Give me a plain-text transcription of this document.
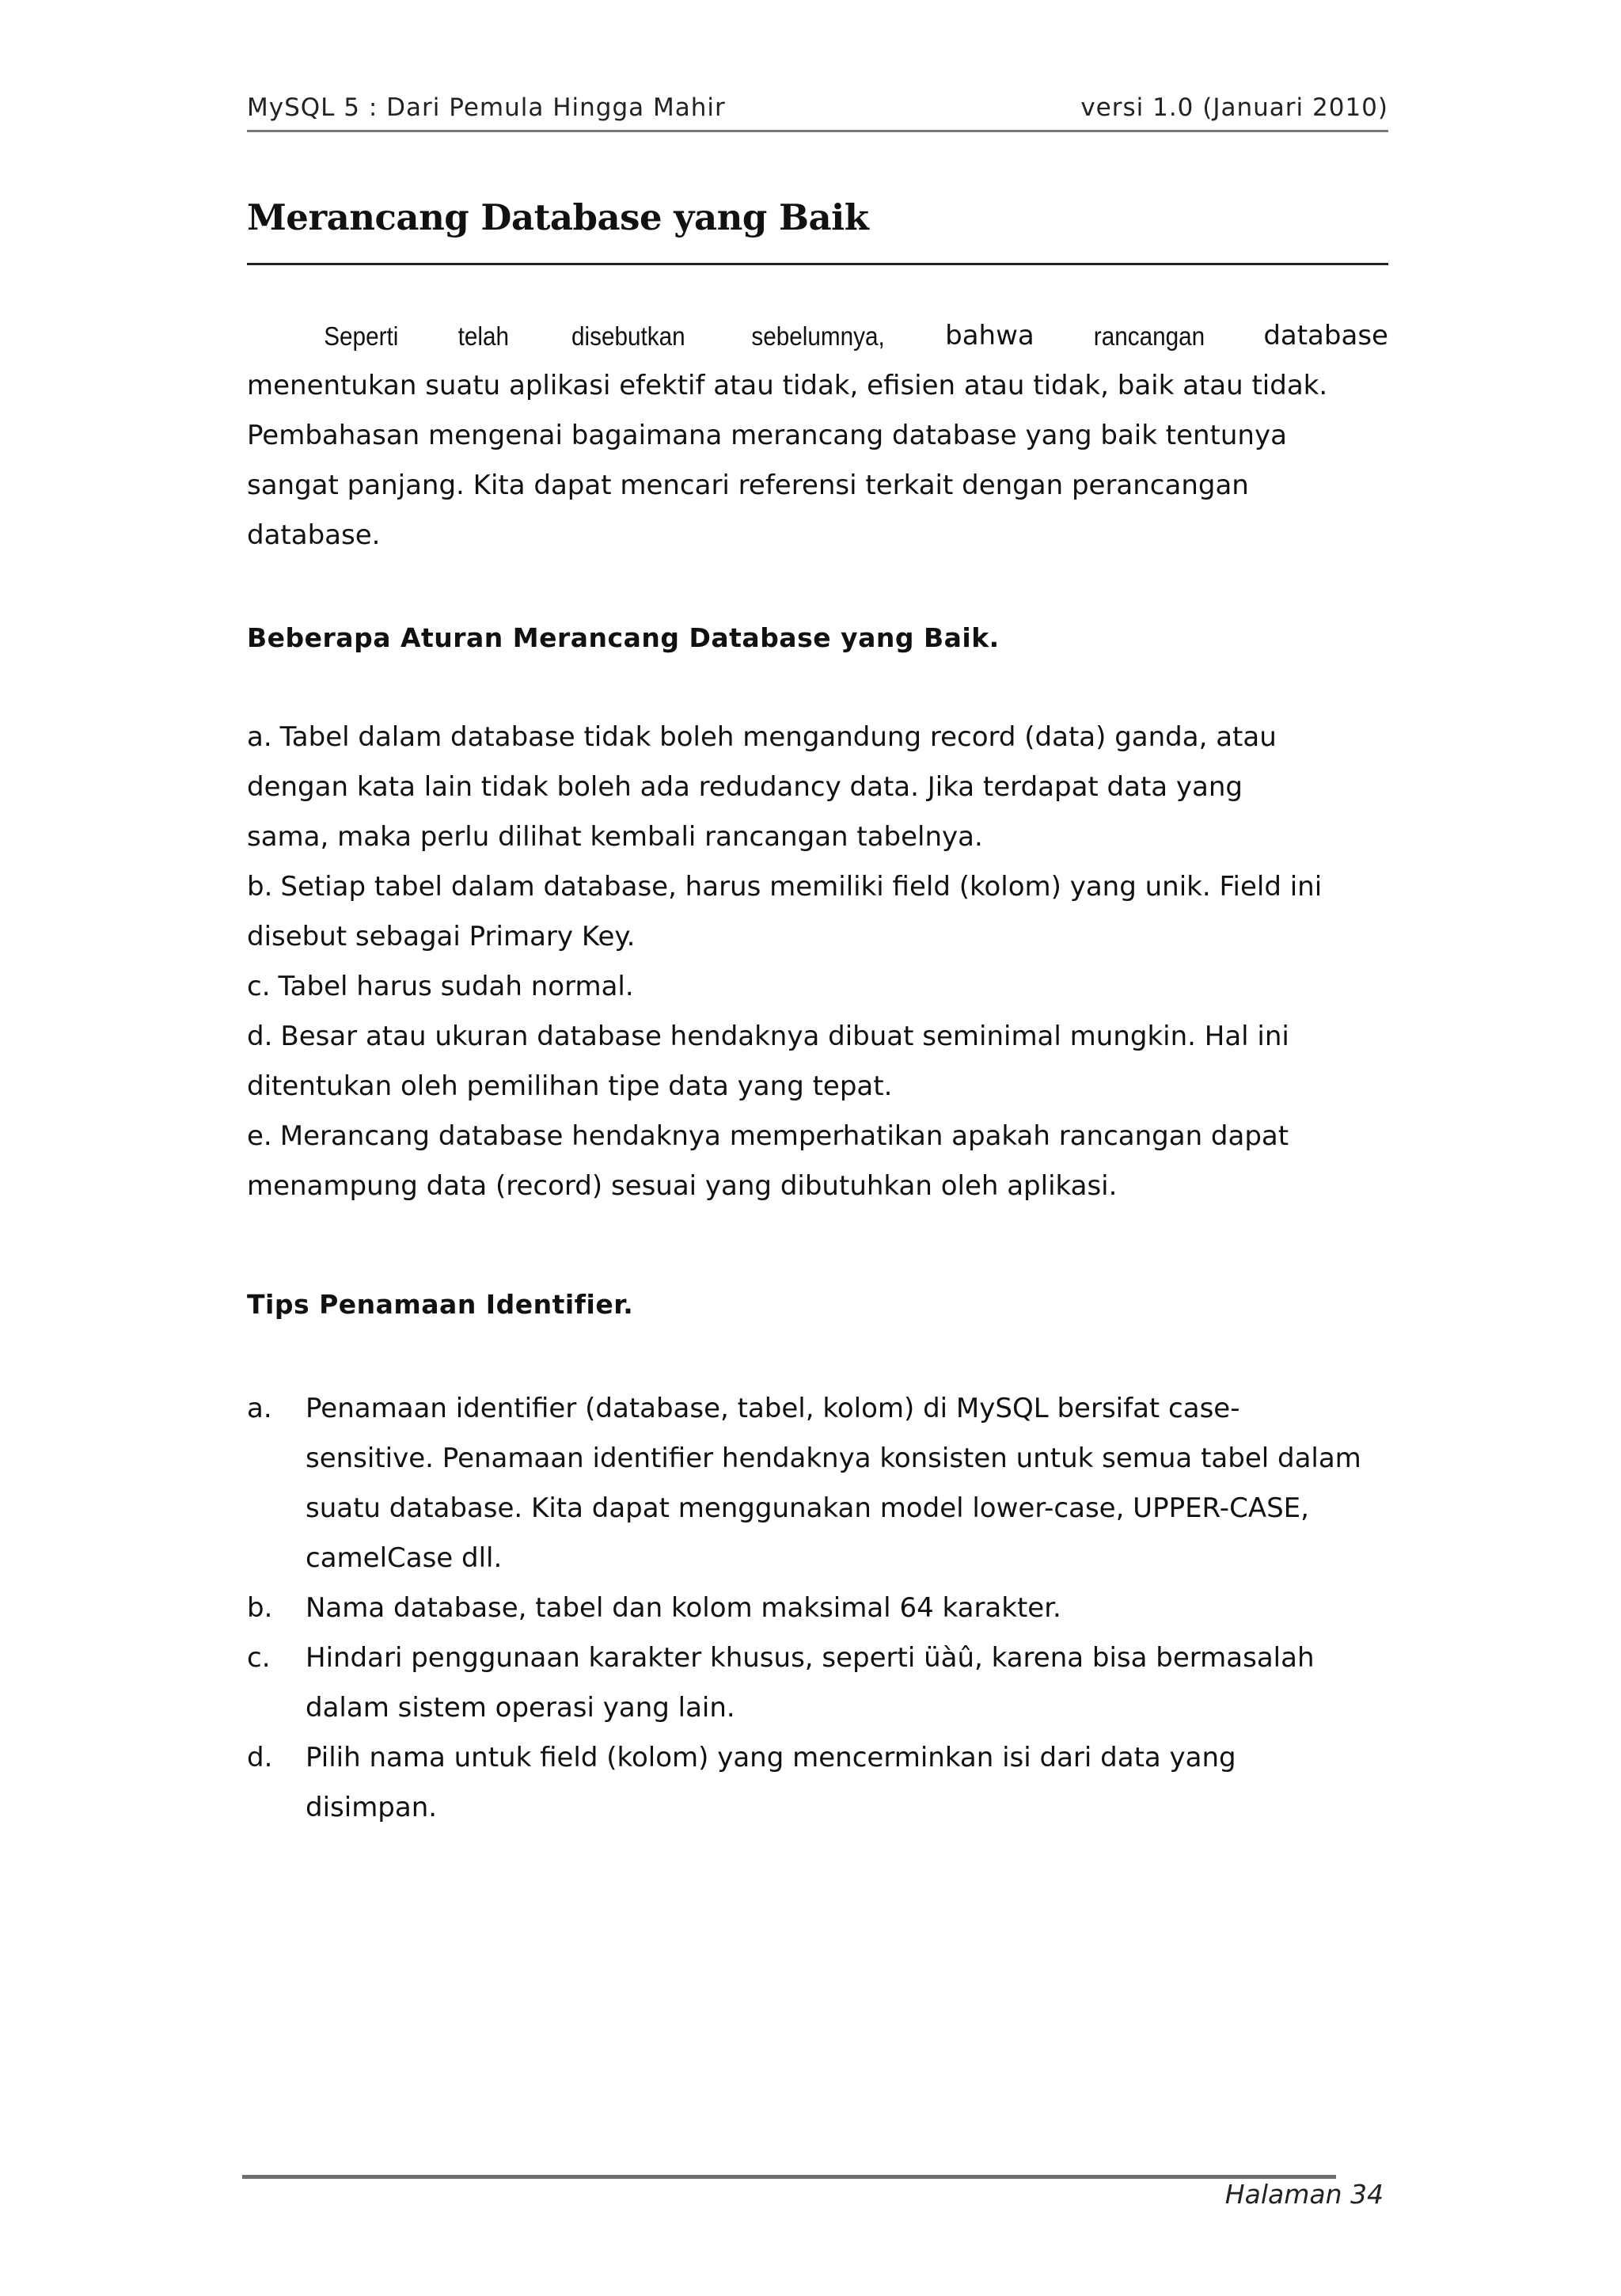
MySQL 5 : Dari Pemula Hingga Mahir	versi 1.0 (Januari 2010)
Merancang Database yang Baik
Seperti telah disebutkan	sebelumnya, bahwa rancangan database

menentukan suatu aplikasi efektif atau tidak, efisien atau tidak, baik atau tidak.

Pembahasan mengenai bagaimana merancang database yang baik tentunya

sangat panjang. Kita dapat mencari referensi terkait dengan perancangan

database.

Beberapa Aturan Merancang Database yang Baik.
a. Tabel dalam database tidak boleh mengandung record (data) ganda, atau

dengan kata lain tidak boleh ada redudancy data. Jika terdapat data yang
sama, maka perlu dilihat kembali rancangan tabelnya.
b. Setiap tabel dalam database, harus memiliki field (kolom) yang unik. Field ini

disebut sebagai Primary Key.
c. Tabel harus sudah normal.
d. Besar atau ukuran database hendaknya dibuat seminimal mungkin. Hal ini

ditentukan oleh pemilihan tipe data yang tepat.
e. Merancang database hendaknya memperhatikan apakah rancangan dapat

menampung data (record) sesuai yang dibutuhkan oleh aplikasi.
Tips Penamaan Identifier.
a. Penamaan identifier (database, tabel, kolom) di MySQL bersifat case-
sensitive. Penamaan identifier hendaknya konsisten untuk semua tabel dalam
suatu database. Kita dapat menggunakan model lower-case, UPPER-CASE,
camelCase dll.
b. Nama database, tabel dan kolom maksimal 64 karakter.
c. Hindari penggunaan karakter khusus, seperti üàû, karena bisa bermasalah
dalam sistem operasi yang lain.
d. Pilih nama untuk field (kolom) yang mencerminkan isi dari data yang
disimpan.
Halaman 34
